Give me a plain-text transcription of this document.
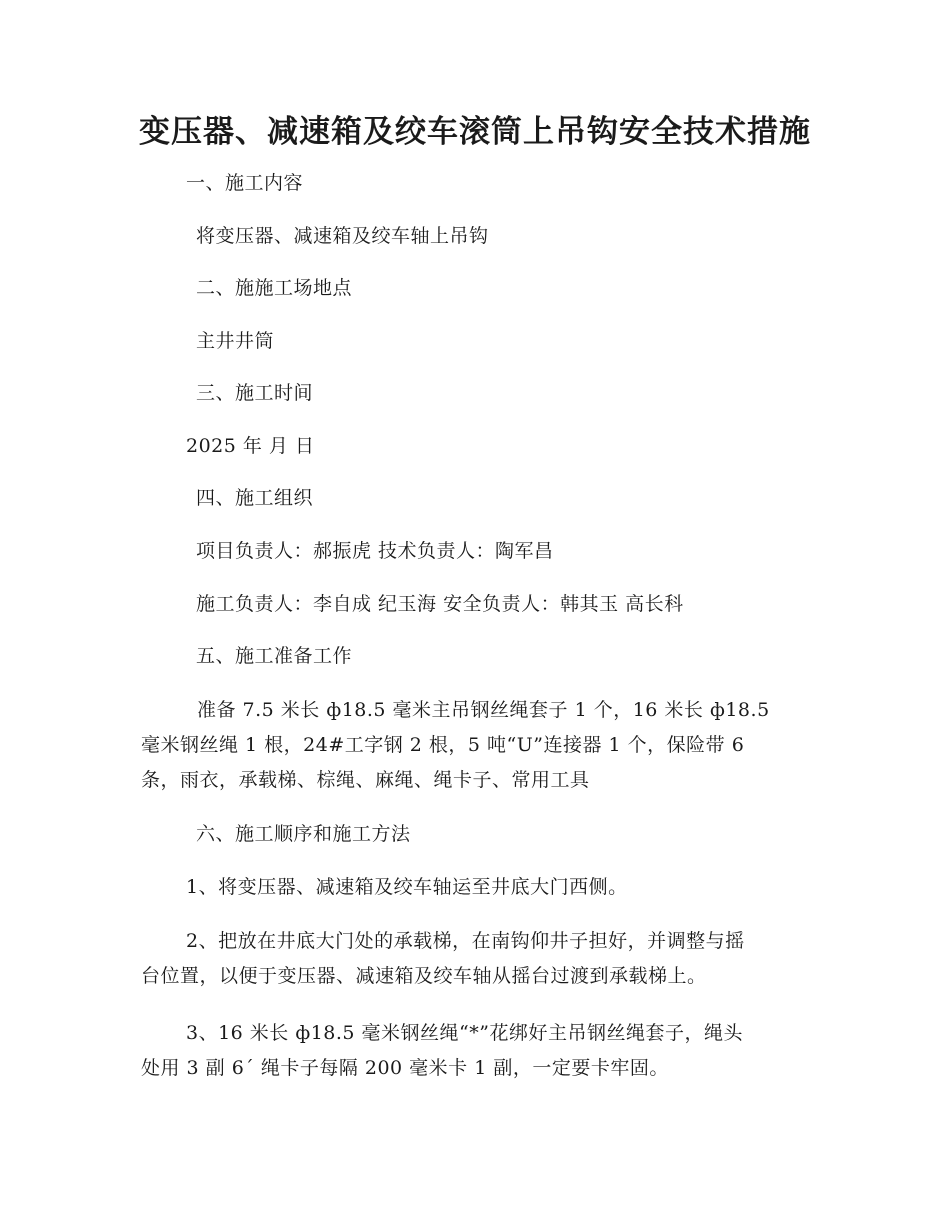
变压器、减速箱及绞车滚筒上吊钩安全技术措施
一、施工内容
将变压器、减速箱及绞车轴上吊钩
二、施施工场地点
主井井筒
三、施工时间
2025 年 月 日
四、施工组织
项目负责人：郝振虎 技术负责人：陶军昌
施工负责人：李自成 纪玉海 安全负责人：韩其玉 高长科
五、施工准备工作
准备 7.5 米长 ф18.5 毫米主吊钢丝绳套子 1 个，16 米长 ф18.5
毫米钢丝绳 1 根，24#工字钢 2 根，5 吨“U”连接器 1 个，保险带 6
条，雨衣，承载梯、棕绳、麻绳、绳卡子、常用工具
六、施工顺序和施工方法
1、将变压器、减速箱及绞车轴运至井底大门西侧。
2、把放在井底大门处的承载梯，在南钩仰井子担好，并调整与摇
台位置，以便于变压器、减速箱及绞车轴从摇台过渡到承载梯上。
3、16 米长 ф18.5 毫米钢丝绳“*”花绑好主吊钢丝绳套子，绳头
处用 3 副 6ˊ 绳卡子每隔 200 毫米卡 1 副，一定要卡牢固。
